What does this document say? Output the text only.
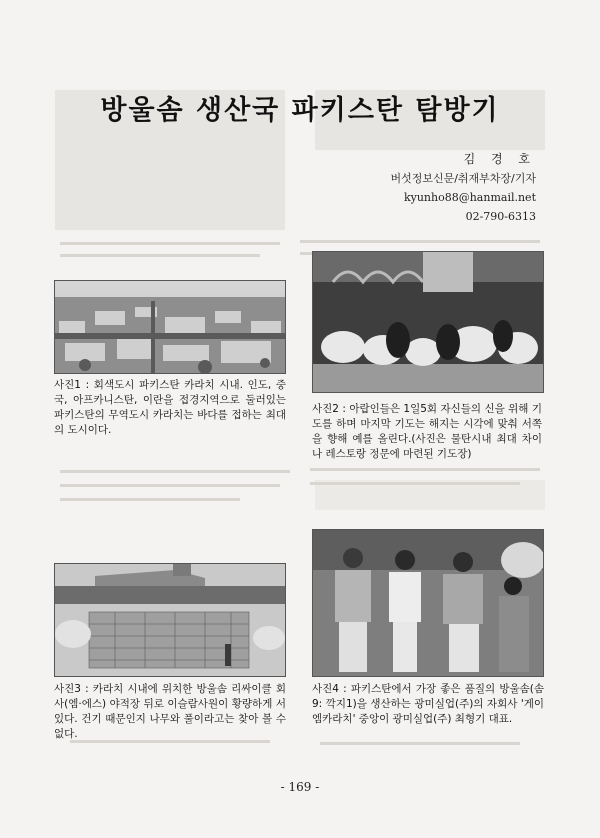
방울솜 생산국 파키스탄 탐방기
김 경 호
버섯정보신문/취재부차장/기자
kyunho88@hanmail.net
02-790-6313
사진1 : 회색도시 파키스탄 카라치 시내. 인도, 중국, 아프카니스탄, 이란을 접경지역으로 둘러있는 파키스탄의 무역도시 카라치는 바다를 접하는 최대의 도시이다.
사진2 : 아랍인들은 1일5회 자신들의 신을 위해 기도를 하며 마지막 기도는 해지는 시각에 맞춰 서쪽을 향해 예를 올린다.(사진은 물탄시내 최대 차이나 레스토랑 정문에 마련된 기도장)
사진3 : 카라치 시내에 위치한 방울솜 리싸이클 회사(엠·에스) 야적장 뒤로 이슬람사원이 황량하게 서있다. 건기 때문인지 나무와 풀이라고는 찾아 볼 수 없다.
사진4 : 파키스탄에서 가장 좋은 품질의 방울솜(솜9: 깍지1)을 생산하는 광미실업(주)의 자회사 '게이엠카라치' 중앙이 광미실업(주) 최형기 대표.
- 169 -
